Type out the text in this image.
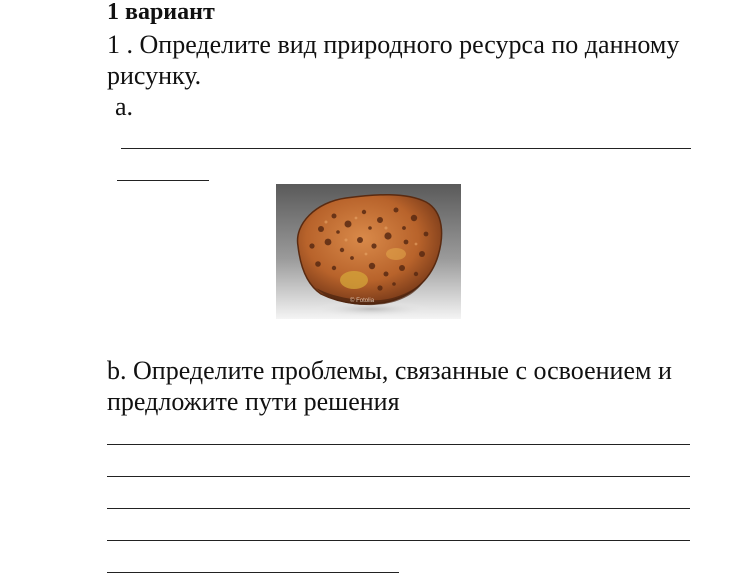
1 вариант
1 . Определите вид природного ресурса по данному
рисунку.
a.
© Fotolia
b. Определите проблемы, связанные с освоением и
предложите пути решения
